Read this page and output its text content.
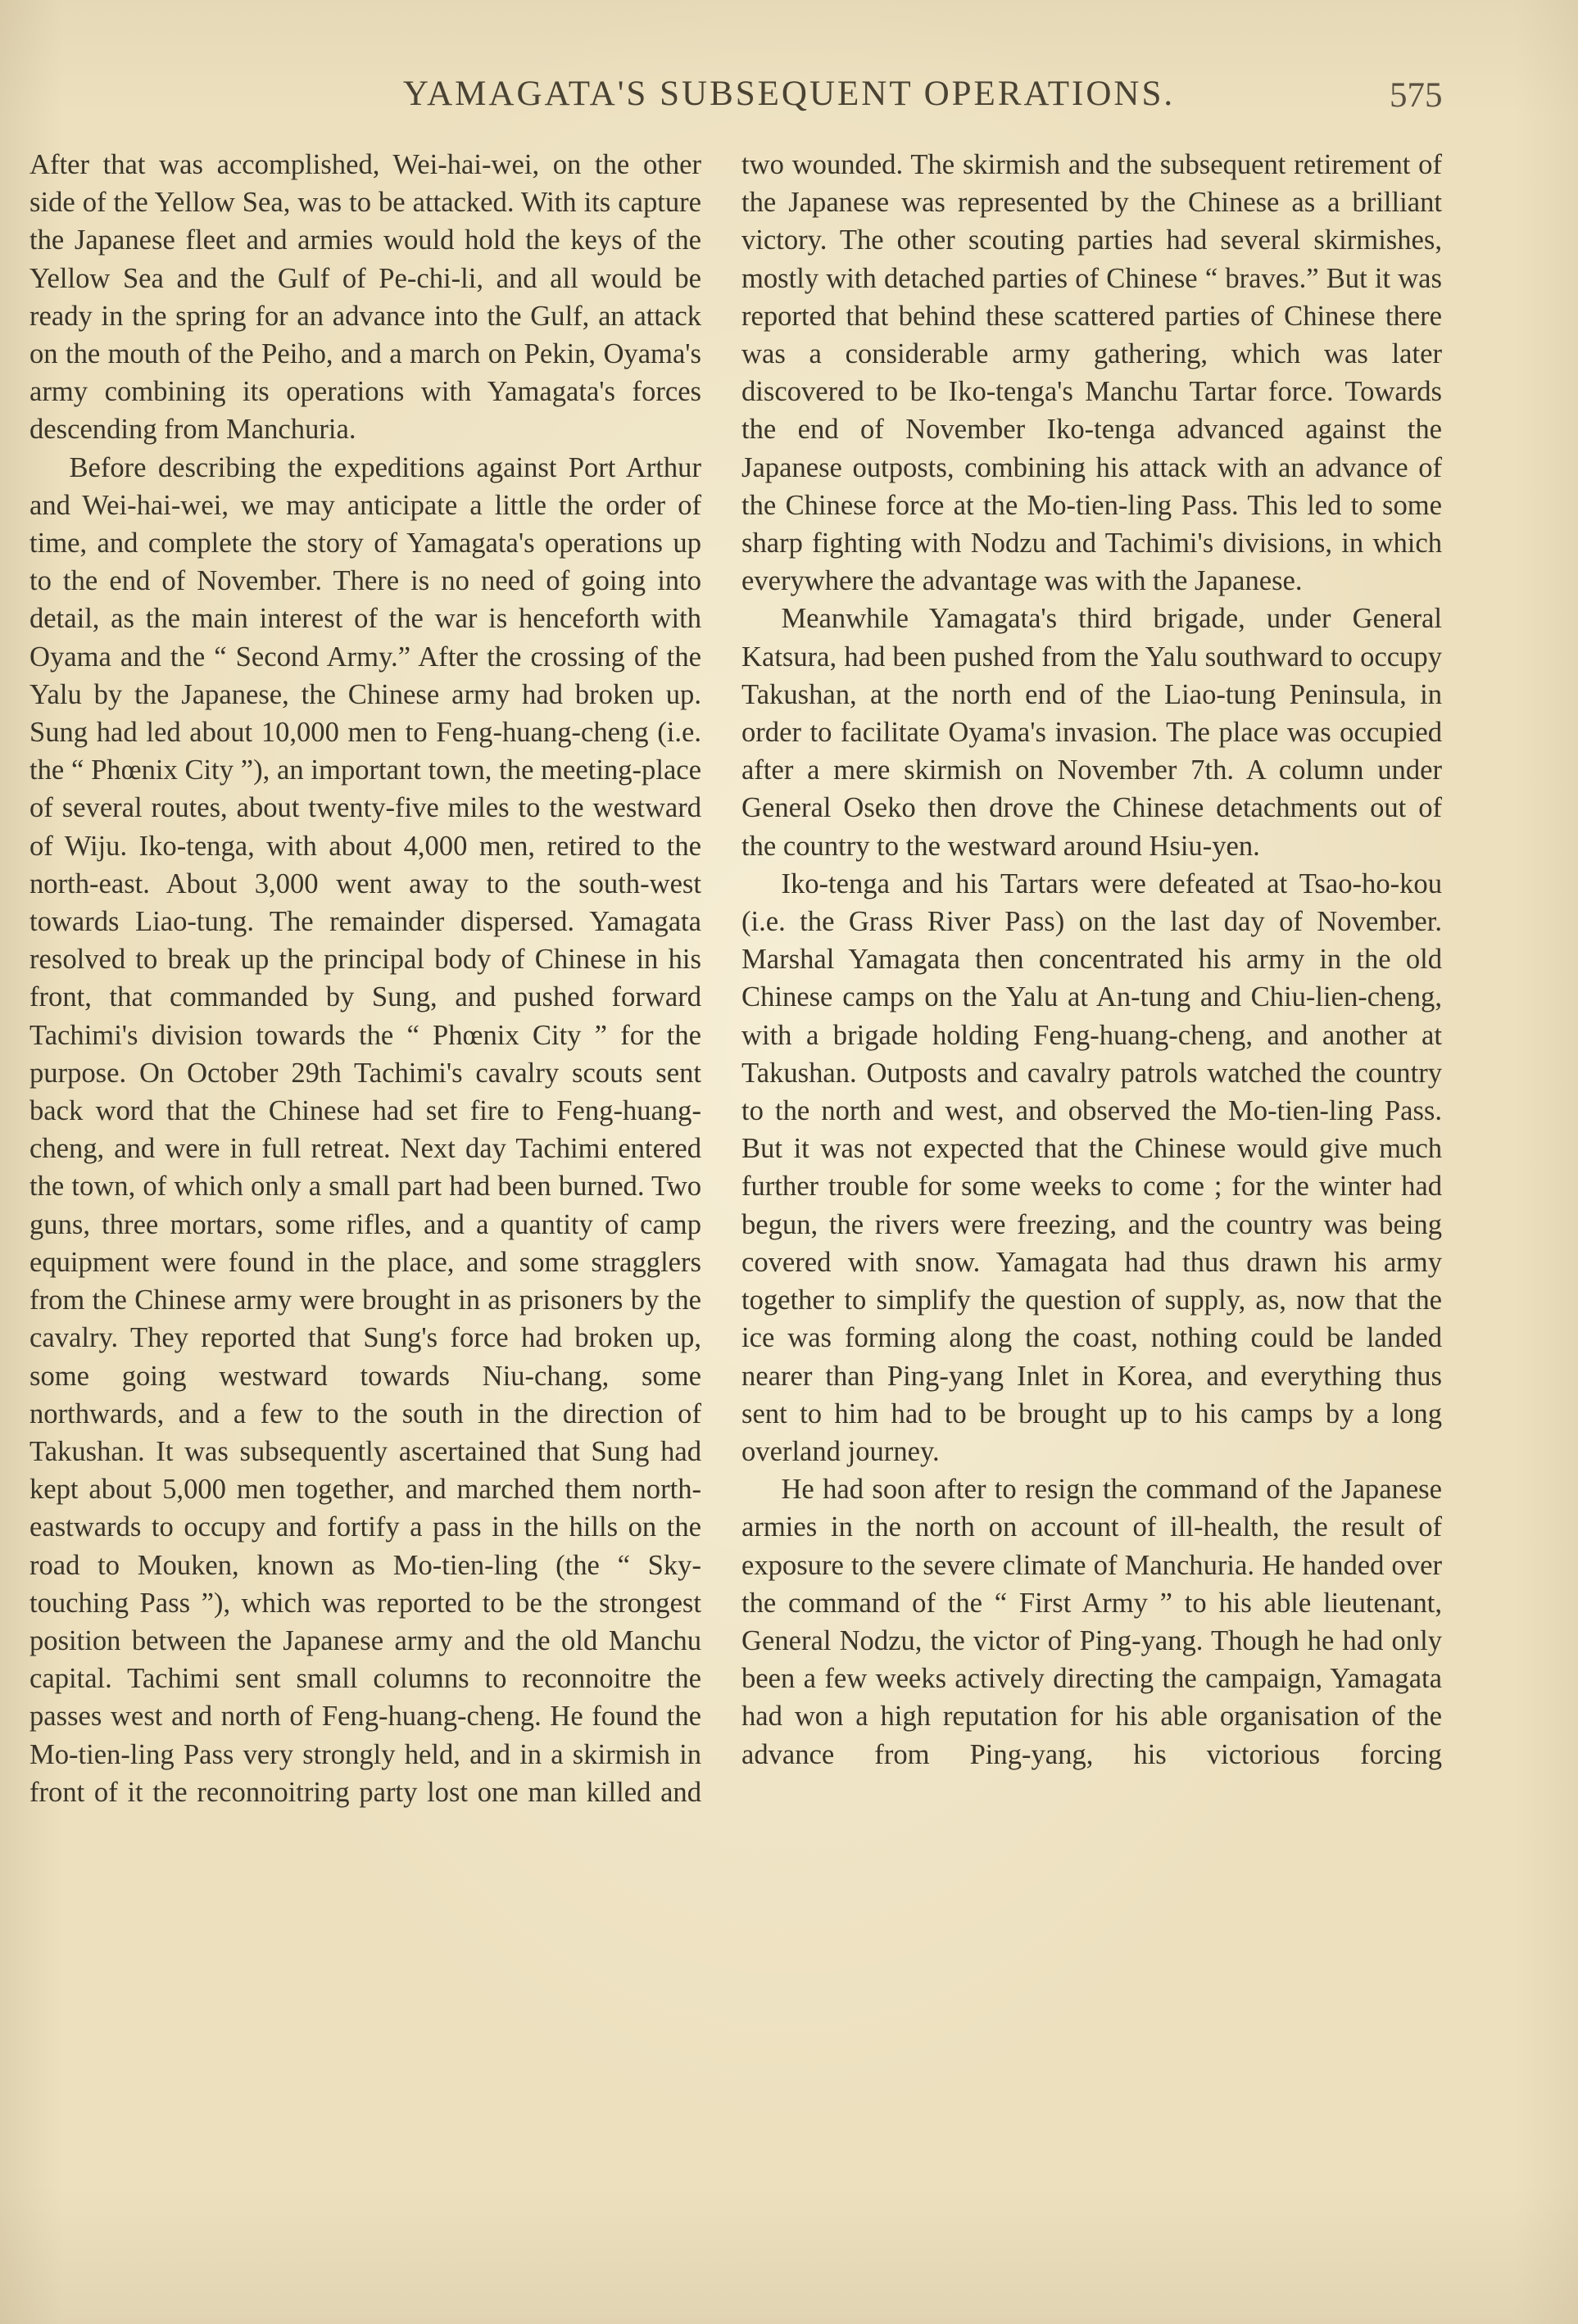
YAMAGATA'S SUBSEQUENT OPERATIONS.	575

After that was accomplished, Wei-hai-wei, on the other side of the Yellow Sea, was to be attacked. With its capture the Japanese fleet and armies would hold the keys of the Yellow Sea and the Gulf of Pe-chi-li, and all would be ready in the spring for an advance into the Gulf, an attack on the mouth of the Peiho, and a march on Pekin, Oyama's army combining its operations with Yamagata's forces descending from Manchuria.

Before describing the expeditions against Port Arthur and Wei-hai-wei, we may anticipate a little the order of time, and complete the story of Yamagata's operations up to the end of November. There is no need of going into detail, as the main interest of the war is henceforth with Oyama and the “ Second Army.” After the crossing of the Yalu by the Japanese, the Chinese army had broken up. Sung had led about 10,000 men to Feng-huang-cheng (i.e. the “ Phœnix City ”), an important town, the meeting-place of several routes, about twenty-five miles to the westward of Wiju. Iko-tenga, with about 4,000 men, retired to the north-east. About 3,000 went away to the south-west towards Liao-tung. The remainder dispersed. Yamagata resolved to break up the principal body of Chinese in his front, that commanded by Sung, and pushed forward Tachimi's division towards the “ Phœnix City ” for the purpose. On October 29th Tachimi's cavalry scouts sent back word that the Chinese had set fire to Feng-huang-cheng, and were in full retreat. Next day Tachimi entered the town, of which only a small part had been burned. Two guns, three mortars, some rifles, and a quantity of camp equipment were found in the place, and some stragglers from the Chinese army were brought in as prisoners by the cavalry. They reported that Sung's force had broken up, some going westward towards Niu-chang, some northwards, and a few to the south in the direction of Takushan. It was subsequently ascertained that Sung had kept about 5,000 men together, and marched them north-eastwards to occupy and fortify a pass in the hills on the road to Mouken, known as Mo-tien-ling (the “ Sky-touching Pass ”), which was reported to be the strongest position between the Japanese army and the old Manchu capital. Tachimi sent small columns to reconnoitre the passes west and north of Feng-huang-cheng. He found the Mo-tien-ling Pass very strongly held, and in a skirmish in front of it the reconnoitring party lost one man killed and

two wounded. The skirmish and the subsequent retirement of the Japanese was represented by the Chinese as a brilliant victory. The other scouting parties had several skirmishes, mostly with detached parties of Chinese “ braves.” But it was reported that behind these scattered parties of Chinese there was a considerable army gathering, which was later discovered to be Iko-tenga's Manchu Tartar force. Towards the end of November Iko-tenga advanced against the Japanese outposts, combining his attack with an advance of the Chinese force at the Mo-tien-ling Pass. This led to some sharp fighting with Nodzu and Tachimi's divisions, in which everywhere the advantage was with the Japanese.

Meanwhile Yamagata's third brigade, under General Katsura, had been pushed from the Yalu southward to occupy Takushan, at the north end of the Liao-tung Peninsula, in order to facilitate Oyama's invasion. The place was occupied after a mere skirmish on November 7th. A column under General Oseko then drove the Chinese detachments out of the country to the westward around Hsiu-yen.

Iko-tenga and his Tartars were defeated at Tsao-ho-kou (i.e. the Grass River Pass) on the last day of November. Marshal Yamagata then concentrated his army in the old Chinese camps on the Yalu at An-tung and Chiu-lien-cheng, with a brigade holding Feng-huang-cheng, and another at Takushan. Outposts and cavalry patrols watched the country to the north and west, and observed the Mo-tien-ling Pass. But it was not expected that the Chinese would give much further trouble for some weeks to come ; for the winter had begun, the rivers were freezing, and the country was being covered with snow. Yamagata had thus drawn his army together to simplify the question of supply, as, now that the ice was forming along the coast, nothing could be landed nearer than Ping-yang Inlet in Korea, and everything thus sent to him had to be brought up to his camps by a long overland journey.

He had soon after to resign the command of the Japanese armies in the north on account of ill-health, the result of exposure to the severe climate of Manchuria. He handed over the command of the “ First Army ” to his able lieutenant, General Nodzu, the victor of Ping-yang. Though he had only been a few weeks actively directing the campaign, Yamagata had won a high reputation for his able organisation of the advance from Ping-yang, his victorious forcing
